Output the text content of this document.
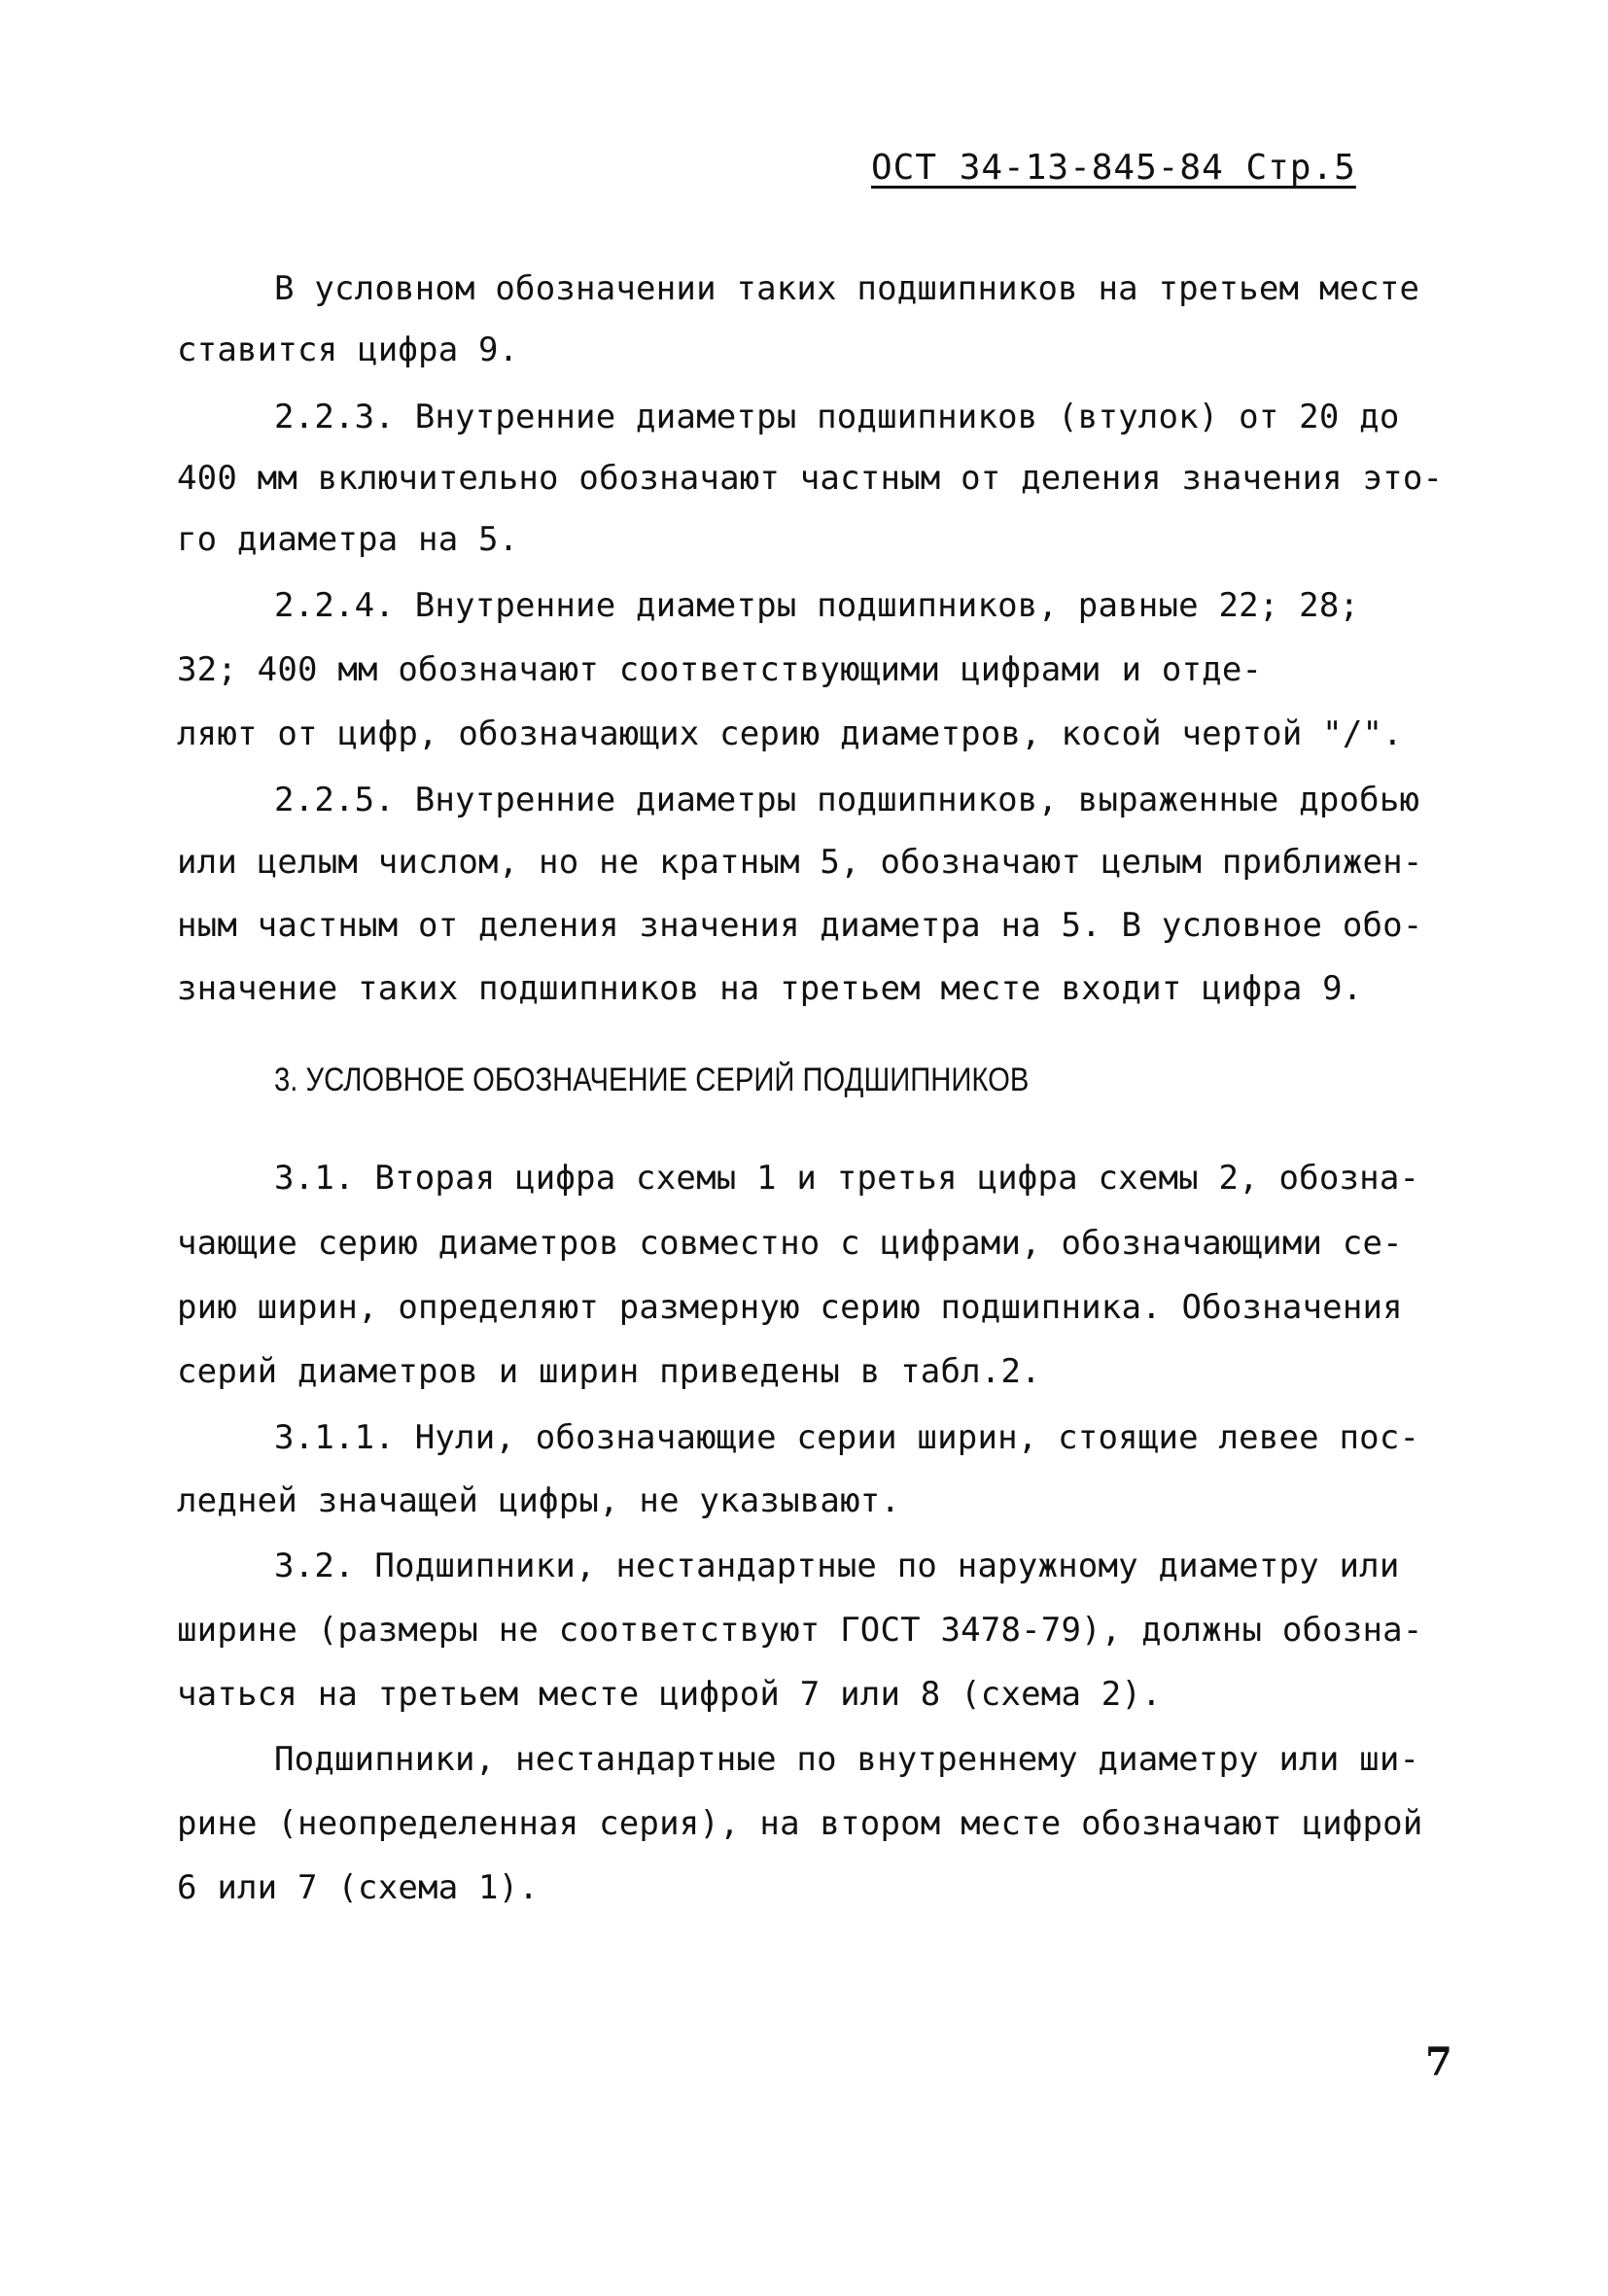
ОСТ 34-13-845-84 Стр.5
В условном обозначении таких подшипников на третьем месте
ставится цифра 9.
2.2.3. Внутренние диаметры подшипников (втулок) от 20 до
400 мм включительно обозначают частным от деления значения это-
го диаметра на 5.
2.2.4. Внутренние диаметры подшипников, равные 22; 28;
32; 400 мм обозначают соответствующими цифрами и отде-
ляют от цифр, обозначающих серию диаметров, косой чертой "/".
2.2.5. Внутренние диаметры подшипников, выраженные дробью
или целым числом, но не кратным 5, обозначают целым приближен-
ным частным от деления значения диаметра на 5. В условное обо-
значение таких подшипников на третьем месте входит цифра 9.
3. УСЛОВНОЕ ОБОЗНАЧЕНИЕ СЕРИЙ ПОДШИПНИКОВ
3.1. Вторая цифра схемы 1 и третья цифра схемы 2, обозна-
чающие серию диаметров совместно с цифрами, обозначающими се-
рию ширин, определяют размерную серию подшипника. Обозначения
серий диаметров и ширин приведены в табл.2.
3.1.1. Нули, обозначающие серии ширин, стоящие левее пос-
ледней значащей цифры, не указывают.
3.2. Подшипники, нестандартные по наружному диаметру или
ширине (размеры не соответствуют ГОСТ 3478-79), должны обозна-
чаться на третьем месте цифрой 7 или 8 (схема 2).
Подшипники, нестандартные по внутреннему диаметру или ши-
рине (неопределенная серия), на втором месте обозначают цифрой
6 или 7 (схема 1).
7
